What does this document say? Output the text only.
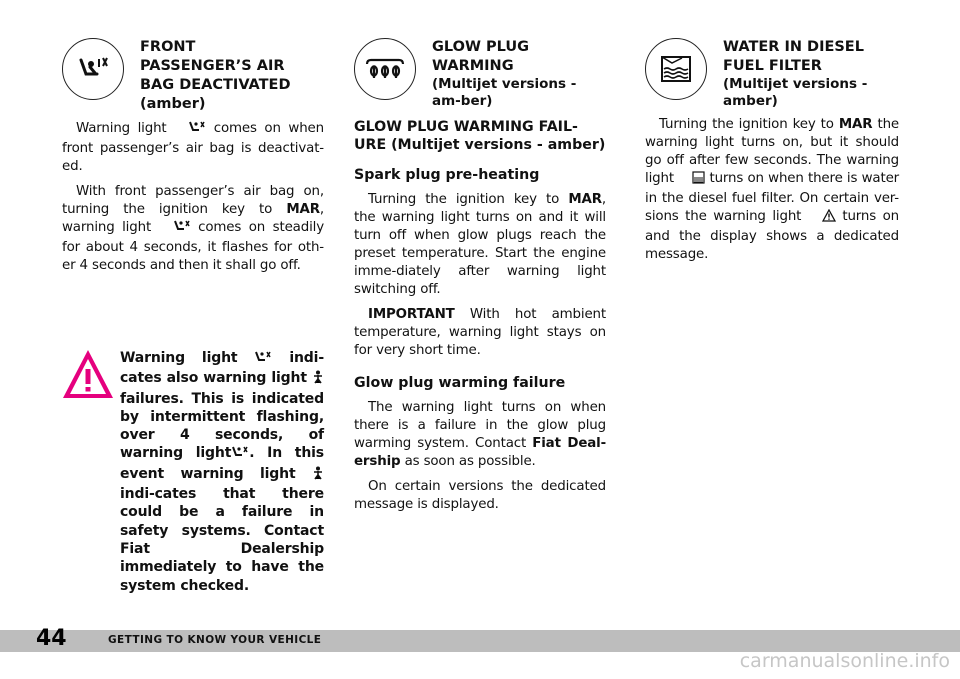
FRONT
PASSENGER’S AIR
BAG DEACTIVATED
(amber)

Warning light	comes on when front passenger’s air bag is deactivat-ed.

With front passenger’s air bag on, turning the ignition key to MAR, warning light	comes on steadily for about 4 seconds, it flashes for oth-er 4 seconds and then it shall go off.

Warning light	indi-cates also warning light  failures. This is indicated by intermittent flashing, over 4 seconds, of warning light . In this event warning light  indi-cates that there could be a failure in safety systems. Contact Fiat Dealership immediately to have the system checked.

GLOW PLUG
WARMING
(Multijet versions - am-ber)
GLOW PLUG WARMING FAIL-URE (Multijet versions - amber)
Spark plug pre-heating

Turning the ignition key to MAR, the warning light turns on and it will turn off when glow plugs reach the preset temperature. Start the engine imme-diately after warning light switching off.

IMPORTANT With hot ambient temperature, warning light stays on for very short time.

Glow plug warming failure

The warning light turns on when there is a failure in the glow plug warming system. Contact Fiat Deal-ership as soon as possible.

On certain versions the dedicated message is displayed.

WATER IN DIESEL
FUEL FILTER
(Multijet versions - amber)

Turning the ignition key to MAR the warning light turns on, but it should go off after few seconds. The warning light	turns on when there is water in the diesel fuel filter. On certain ver-sions the warning light	turns on and the display shows a dedicated message.

44	GETTING TO KNOW YOUR VEHICLE
carmanualsonline.info
